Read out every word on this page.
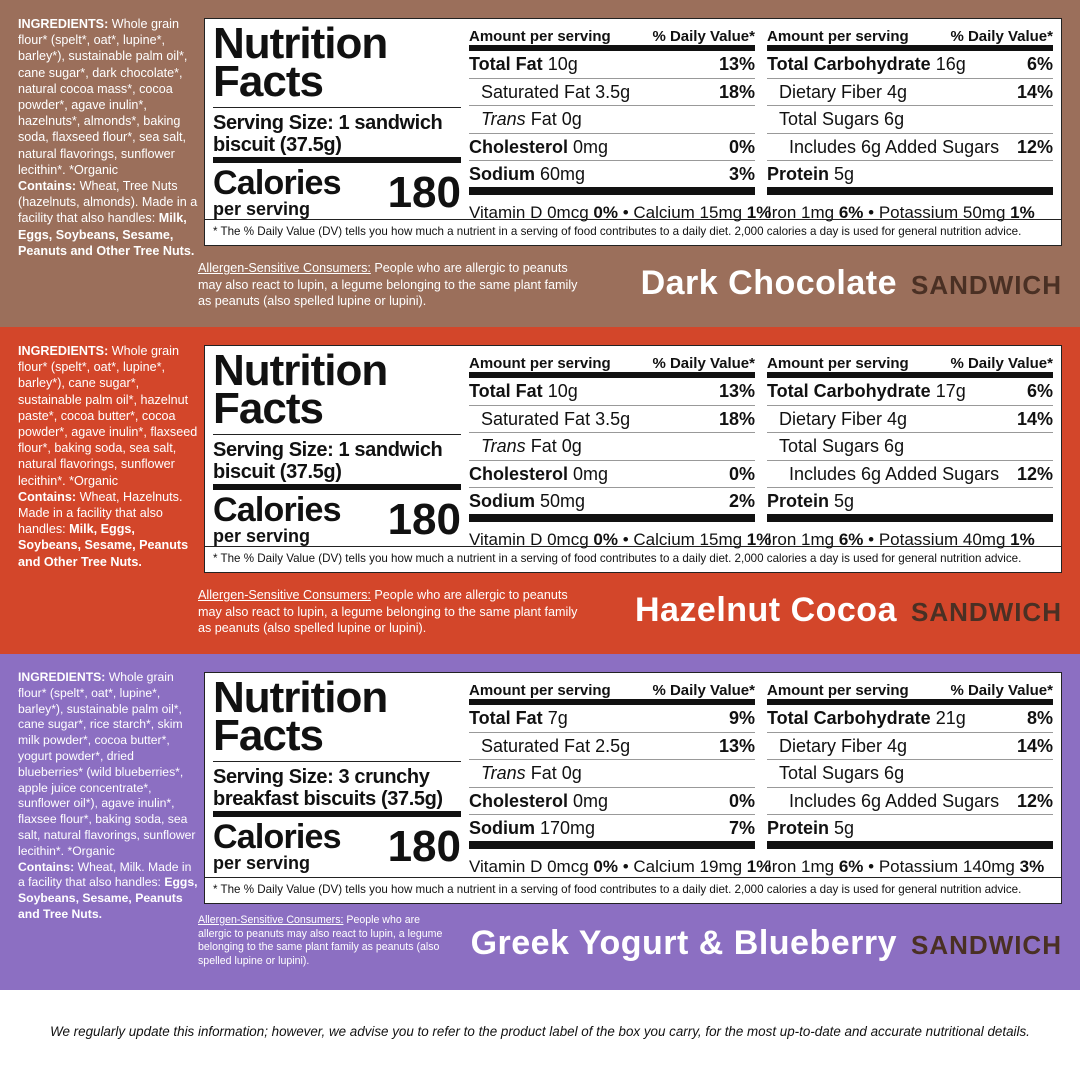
INGREDIENTS: Whole grain flour* (spelt*, oat*, lupine*, barley*), sustainable palm oil*, cane sugar*, dark chocolate*, natural cocoa mass*, cocoa powder*, agave inulin*, hazelnuts*, almonds*, baking soda, flaxseed flour*, sea salt, natural flavorings, sunflower lecithin*. *Organic
Contains: Wheat, Tree Nuts (hazelnuts, almonds). Made in a facility that also handles: Milk, Eggs, Soybeans, Sesame, Peanuts and Other Tree Nuts.
Nutrition
Facts
Serving Size: 1 sandwich biscuit (37.5g)
Calories
per serving 180
Amount per serving	% Daily Value*
Total Fat 10g	13%
Saturated Fat 3.5g	18%
Trans Fat 0g
Cholesterol 0mg	0%
Sodium 60mg	3%
Amount per serving	% Daily Value*
Total Carbohydrate 16g	6%
Dietary Fiber 4g	14%
Total Sugars 6g
Includes 6g Added Sugars 12%
Protein 5g
Vitamin D 0mcg 0% • Calcium 15mg 1%
Iron 1mg 6% • Potassium 50mg 1%
* The % Daily Value (DV) tells you how much a nutrient in a serving of food contributes to a daily diet. 2,000 calories a day is used for general nutrition advice.
Allergen-Sensitive Consumers: People who are allergic to peanuts may also react to lupin, a legume belonging to the same plant family as peanuts (also spelled lupine or lupini).	Dark Chocolate SANDWICH
INGREDIENTS: Whole grain flour* (spelt*, oat*, lupine*, barley*), cane sugar*, sustainable palm oil*, hazelnut paste*, cocoa butter*, cocoa powder*, agave inulin*, flaxseed flour*, baking soda, sea salt, natural flavorings, sunflower lecithin*. *Organic
Contains: Wheat, Hazelnuts. Made in a facility that also handles: Milk, Eggs, Soybeans, Sesame, Peanuts and Other Tree Nuts.
Nutrition
Facts
Serving Size: 1 sandwich biscuit (37.5g)
Calories
per serving 180
Amount per serving	% Daily Value*
Total Fat 10g	13%
Saturated Fat 3.5g	18%
Trans Fat 0g
Cholesterol 0mg	0%
Sodium 50mg	2%
Amount per serving	% Daily Value*
Total Carbohydrate 17g	6%
Dietary Fiber 4g	14%
Total Sugars 6g
Includes 6g Added Sugars 12%
Protein 5g
Vitamin D 0mcg 0% • Calcium 15mg 1%
Iron 1mg 6% • Potassium 40mg 1%
* The % Daily Value (DV) tells you how much a nutrient in a serving of food contributes to a daily diet. 2,000 calories a day is used for general nutrition advice.
Allergen-Sensitive Consumers: People who are allergic to peanuts may also react to lupin, a legume belonging to the same plant family as peanuts (also spelled lupine or lupini).	Hazelnut Cocoa SANDWICH
INGREDIENTS: Whole grain flour* (spelt*, oat*, lupine*, barley*), sustainable palm oil*, cane sugar*, rice starch*, skim milk powder*, cocoa butter*, yogurt powder*, dried blueberries* (wild blueberries*, apple juice concentrate*, sunflower oil*), agave inulin*, flaxsee flour*, baking soda, sea salt, natural flavorings, sunflower lecithin*. *Organic
Contains: Wheat, Milk. Made in a facility that also handles: Eggs, Soybeans, Sesame, Peanuts and Tree Nuts.
Nutrition
Facts
Serving Size: 3 crunchy breakfast biscuits (37.5g)
Calories
per serving 180
Amount per serving	% Daily Value*
Total Fat 7g	9%
Saturated Fat 2.5g	13%
Trans Fat 0g
Cholesterol 0mg	0%
Sodium 170mg	7%
Amount per serving	% Daily Value*
Total Carbohydrate 21g	8%
Dietary Fiber 4g	14%
Total Sugars 6g
Includes 6g Added Sugars 12%
Protein 5g
Vitamin D 0mcg 0% • Calcium 19mg 1%
Iron 1mg 6% • Potassium 140mg 3%
* The % Daily Value (DV) tells you how much a nutrient in a serving of food contributes to a daily diet. 2,000 calories a day is used for general nutrition advice.
Allergen-Sensitive Consumers: People who are allergic to peanuts may also react to lupin, a legume belonging to the same plant family as peanuts (also spelled lupine or lupini).	Greek Yogurt & Blueberry SANDWICH
We regularly update this information; however, we advise you to refer to the product label of the box you carry, for the most up-to-date and accurate nutritional details.
